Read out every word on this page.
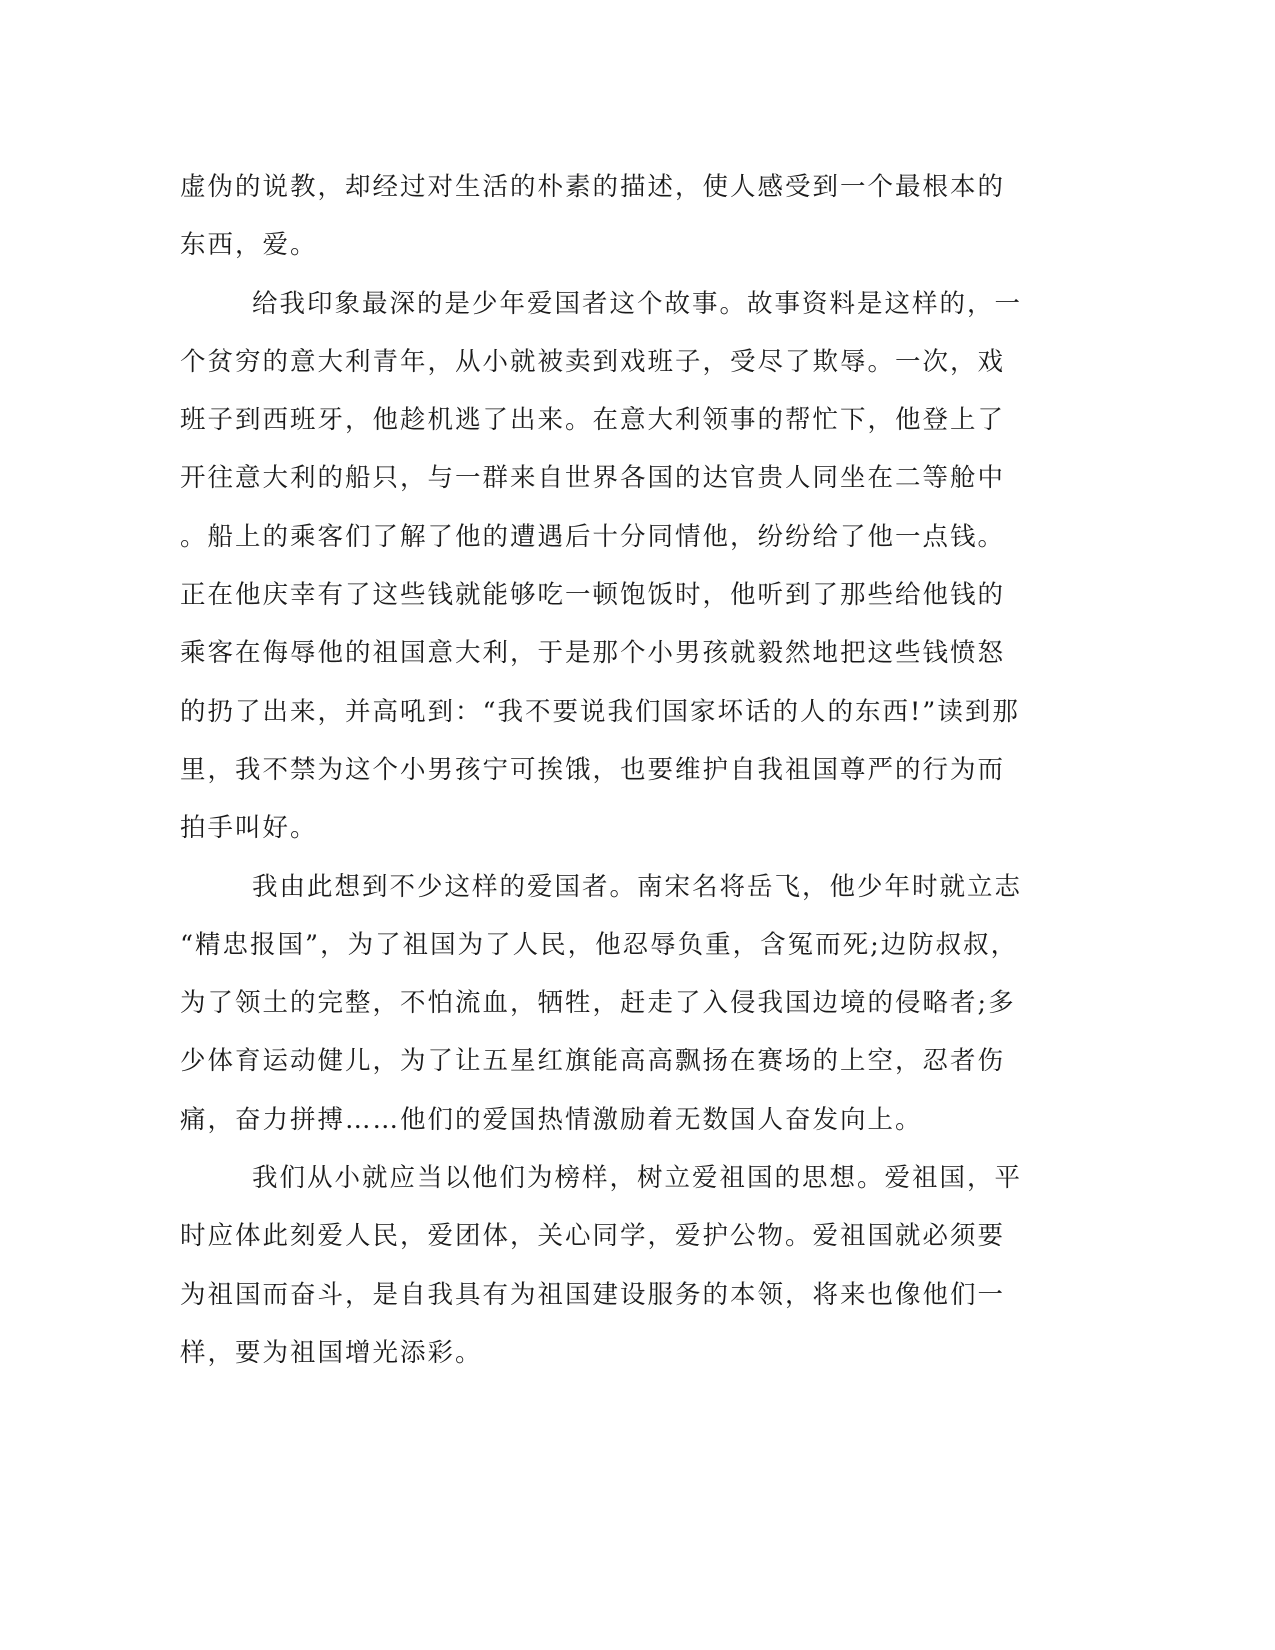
虚伪的说教，却经过对生活的朴素的描述，使人感受到一个最根本的
东西，爱。
给我印象最深的是少年爱国者这个故事。故事资料是这样的，一
个贫穷的意大利青年，从小就被卖到戏班子，受尽了欺辱。一次，戏
班子到西班牙，他趁机逃了出来。在意大利领事的帮忙下，他登上了
开往意大利的船只，与一群来自世界各国的达官贵人同坐在二等舱中
。船上的乘客们了解了他的遭遇后十分同情他，纷纷给了他一点钱。
正在他庆幸有了这些钱就能够吃一顿饱饭时，他听到了那些给他钱的
乘客在侮辱他的祖国意大利，于是那个小男孩就毅然地把这些钱愤怒
的扔了出来，并高吼到：“我不要说我们国家坏话的人的东西!”读到那
里，我不禁为这个小男孩宁可挨饿，也要维护自我祖国尊严的行为而
拍手叫好。
我由此想到不少这样的爱国者。南宋名将岳飞，他少年时就立志
“精忠报国”，为了祖国为了人民，他忍辱负重，含冤而死;边防叔叔，
为了领土的完整，不怕流血，牺牲，赶走了入侵我国边境的侵略者;多
少体育运动健儿，为了让五星红旗能高高飘扬在赛场的上空，忍者伤
痛，奋力拼搏……他们的爱国热情激励着无数国人奋发向上。
我们从小就应当以他们为榜样，树立爱祖国的思想。爱祖国，平
时应体此刻爱人民，爱团体，关心同学，爱护公物。爱祖国就必须要
为祖国而奋斗，是自我具有为祖国建设服务的本领，将来也像他们一
样，要为祖国增光添彩。
